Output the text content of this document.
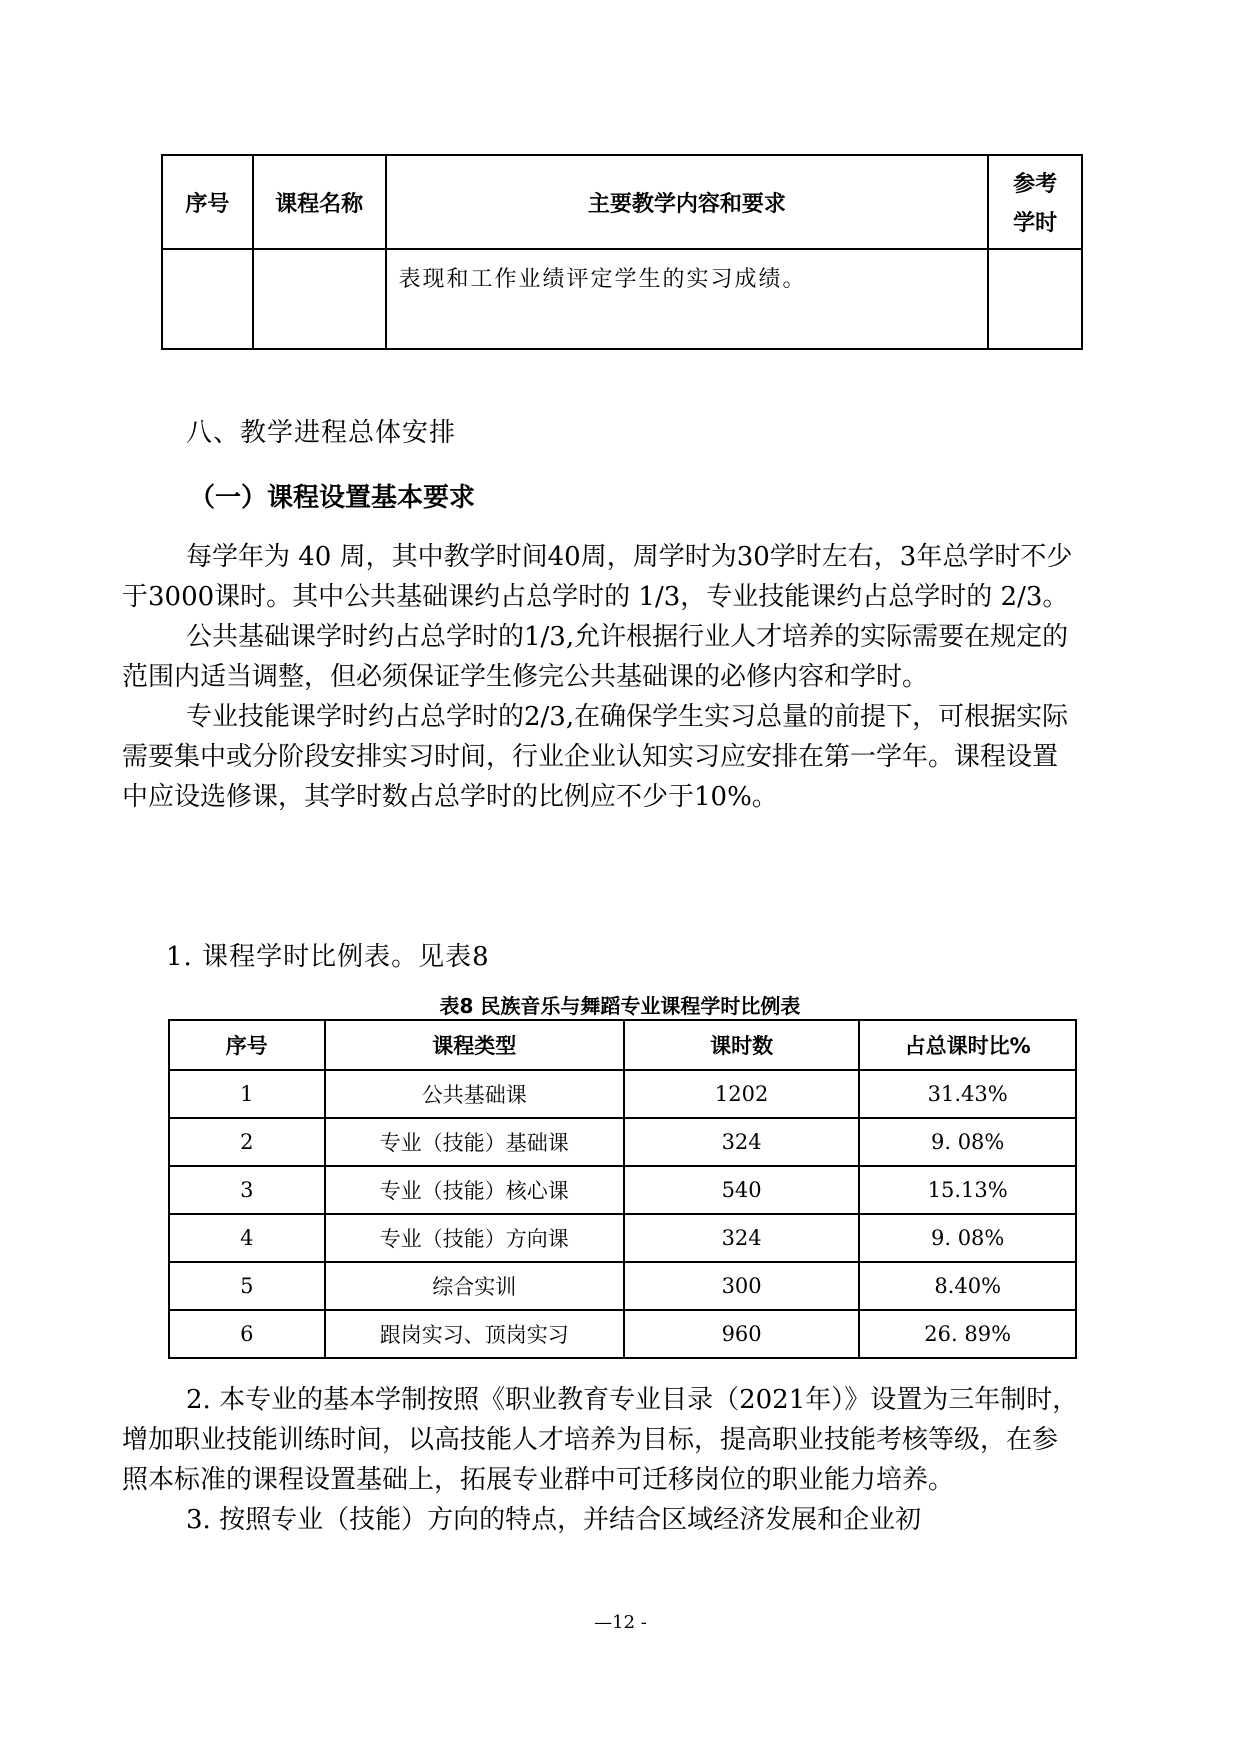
序号	课程名称	主要教学内容和要求	参考
学时

		表现和工作业绩评定学生的实习成绩。	
八、教学进程总体安排
（一）课程设置基本要求

每学年为 40 周，其中教学时间40周，周学时为30学时左右，3年总学时不少于3000课时。其中公共基础课约占总学时的 1/3，专业技能课约占总学时的 2/3。

公共基础课学时约占总学时的1/3,允许根据行业人才培养的实际需要在规定的范围内适当调整，但必须保证学生修完公共基础课的必修内容和学时。

专业技能课学时约占总学时的2/3,在确保学生实习总量的前提下，可根据实际需要集中或分阶段安排实习时间，行业企业认知实习应安排在第一学年。课程设置中应设选修课，其学时数占总学时的比例应不少于10%。

1. 课程学时比例表。见表8
表8 民族音乐与舞蹈专业课程学时比例表
序号	课程类型	课时数	占总课时比%
1	公共基础课	1202	31.43%
2	专业（技能）基础课	324	9. 08%
3	专业（技能）核心课	540	15.13%
4	专业（技能）方向课	324	9. 08%
5	综合实训	300	8.40%
6	跟岗实习、顶岗实习	960	26. 89%

2. 本专业的基本学制按照《职业教育专业目录（2021年）》设置为三年制时，增加职业技能训练时间，以高技能人才培养为目标，提高职业技能考核等级，在参照本标准的课程设置基础上，拓展专业群中可迁移岗位的职业能力培养。

3. 按照专业（技能）方向的特点，并结合区域经济发展和企业初

—12 -
